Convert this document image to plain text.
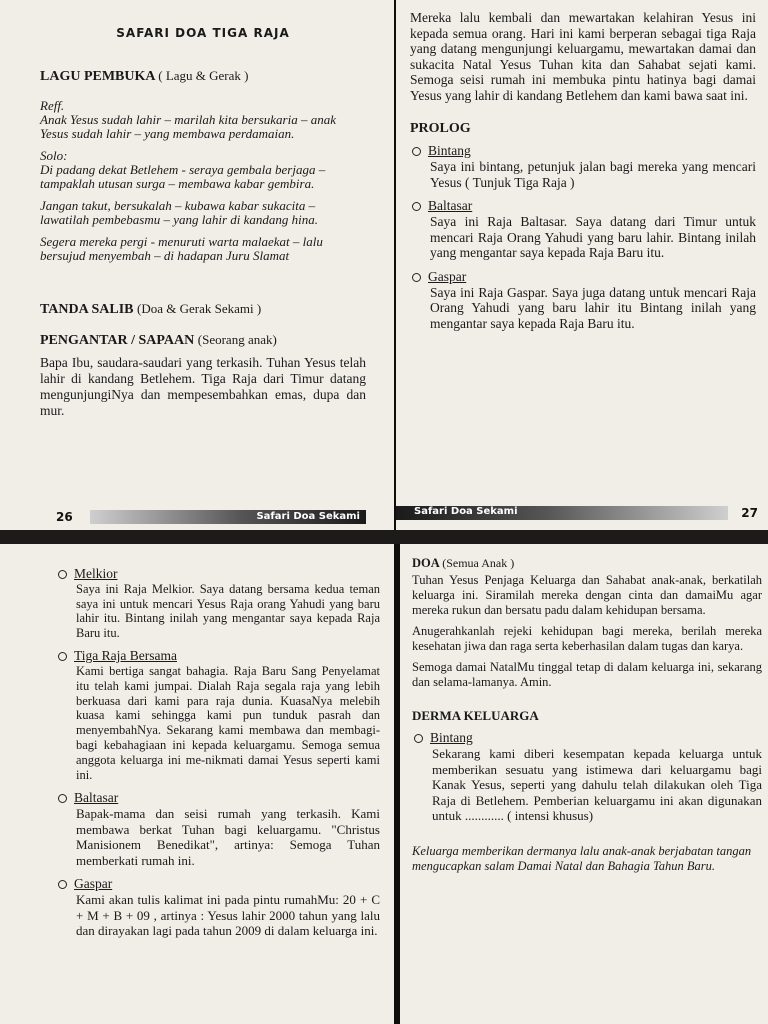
SAFARI DOA TIGA RAJA
LAGU PEMBUKA ( Lagu & Gerak )
Reff.
Anak Yesus sudah lahir – marilah kita bersukaria – anak Yesus sudah lahir – yang membawa perdamaian.
Solo:
Di padang dekat Betlehem - seraya gembala berjaga – tampaklah utusan surga – membawa kabar gembira.
Jangan takut, bersukalah – kubawa kabar sukacita – lawatilah pembebasmu – yang lahir di kandang hina.
Segera mereka pergi - menuruti warta malaekat – lalu bersujud menyembah – di hadapan Juru Slamat
TANDA SALIB (Doa & Gerak Sekami )
PENGANTAR / SAPAAN (Seorang anak)
Bapa Ibu, saudara-saudari yang terkasih. Tuhan Yesus telah lahir di kandang Betlehem. Tiga Raja dari Timur datang mengunjungiNya dan mempesembahkan emas, dupa dan mur.
26	Safari Doa Sekami
Mereka lalu kembali dan mewartakan kelahiran Yesus ini kepada semua orang. Hari ini kami berperan sebagai tiga Raja yang datang mengunjungi keluargamu, mewartakan damai dan sukacita Natal Yesus Tuhan kita dan Sahabat sejati kami. Semoga seisi rumah ini membuka pintu hatinya bagi damai Yesus yang lahir di kandang Betlehem dan kami bawa saat ini.
PROLOG
Bintang
Saya ini bintang, petunjuk jalan bagi mereka yang mencari Yesus ( Tunjuk Tiga Raja )
Baltasar
Saya ini Raja Baltasar. Saya datang dari Timur untuk mencari Raja Orang Yahudi yang baru lahir. Bintang inilah yang mengantar saya kepada Raja Baru itu.
Gaspar
Saya ini Raja Gaspar. Saya juga datang untuk mencari Raja Orang Yahudi yang baru lahir itu Bintang inilah yang mengantar saya kepada Raja Baru itu.
Safari Doa Sekami	27
Melkior
Saya ini Raja Melkior. Saya datang bersama kedua teman saya ini untuk mencari Yesus Raja orang Yahudi yang baru lahir itu. Bintang inilah yang mengantar saya kepada Raja Baru itu.
Tiga Raja Bersama
Kami bertiga sangat bahagia. Raja Baru Sang Penyelamat itu telah kami jumpai. Dialah Raja segala raja yang lebih berkuasa dari kami para raja dunia. KuasaNya melebih kuasa kami sehingga kami pun tunduk pasrah dan menyembahNya. Sekarang kami membawa dan membagi-bagi kebahagiaan ini kepada keluargamu. Semoga semua anggota keluarga ini me-nikmati damai Yesus seperti kami ini.
Baltasar
Bapak-mama dan seisi rumah yang terkasih. Kami membawa berkat Tuhan bagi keluargamu. "Christus Manisionem Benedikat", artinya: Semoga Tuhan memberkati rumah ini.
Gaspar
Kami akan tulis kalimat ini pada pintu rumahMu: 20 + C + M + B + 09 , artinya : Yesus lahir 2000 tahun yang lalu dan dirayakan lagi pada tahun 2009 di dalam keluarga ini.
DOA (Semua Anak )
Tuhan Yesus Penjaga Keluarga dan Sahabat anak-anak, berkatilah keluarga ini. Siramilah mereka dengan cinta dan damaiMu agar mereka rukun dan bersatu padu dalam kehidupan bersama.
Anugerahkanlah rejeki kehidupan bagi mereka, berilah mereka kesehatan jiwa dan raga serta keberhasilan dalam tugas dan karya.
Semoga damai NatalMu tinggal tetap di dalam keluarga ini, sekarang dan selama-lamanya. Amin.
DERMA KELUARGA
Bintang
Sekarang kami diberi kesempatan kepada keluarga untuk memberikan sesuatu yang istimewa dari keluargamu bagi Kanak Yesus, seperti yang dahulu telah dilakukan oleh Tiga Raja di Betlehem. Pemberian keluargamu ini akan digunakan untuk ............ ( intensi khusus)
Keluarga memberikan dermanya lalu anak-anak berjabatan tangan mengucapkan salam Damai Natal dan Bahagia Tahun Baru.
